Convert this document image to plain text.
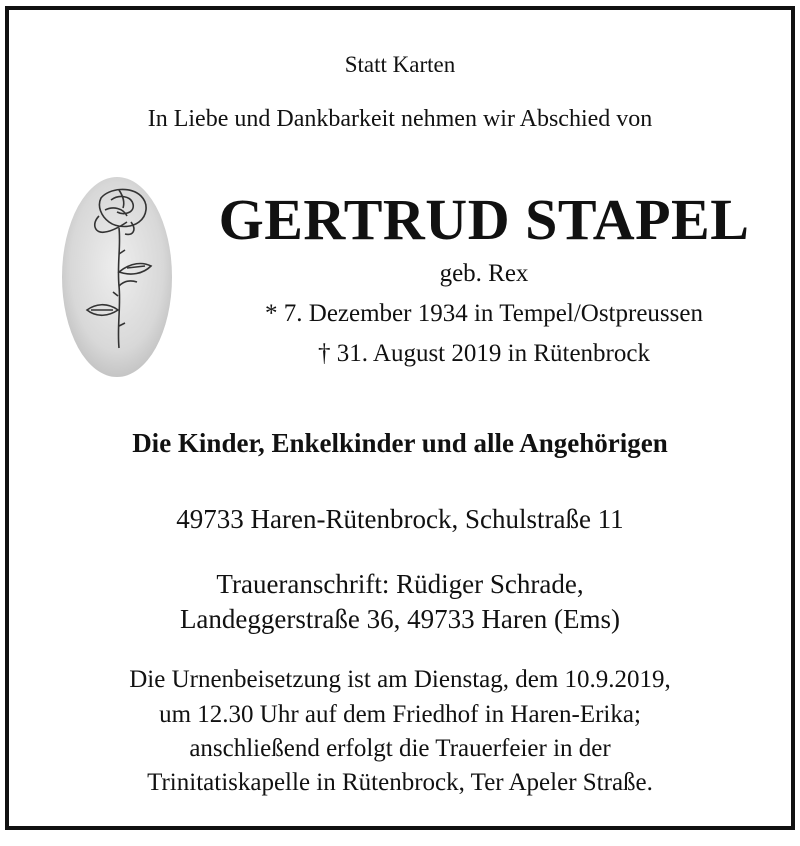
Statt Karten
In Liebe und Dankbarkeit nehmen wir Abschied von
GERTRUD STAPEL
geb. Rex
* 7. Dezember 1934 in Tempel/Ostpreussen
† 31. August 2019 in Rütenbrock
Die Kinder, Enkelkinder und alle Angehörigen
49733 Haren-Rütenbrock, Schulstraße 11
Traueranschrift: Rüdiger Schrade,
Landeggerstraße 36, 49733 Haren (Ems)
Die Urnenbeisetzung ist am Dienstag, dem 10.9.2019,
um 12.30 Uhr auf dem Friedhof in Haren-Erika;
anschließend erfolgt die Trauerfeier in der
Trinitatiskapelle in Rütenbrock, Ter Apeler Straße.
